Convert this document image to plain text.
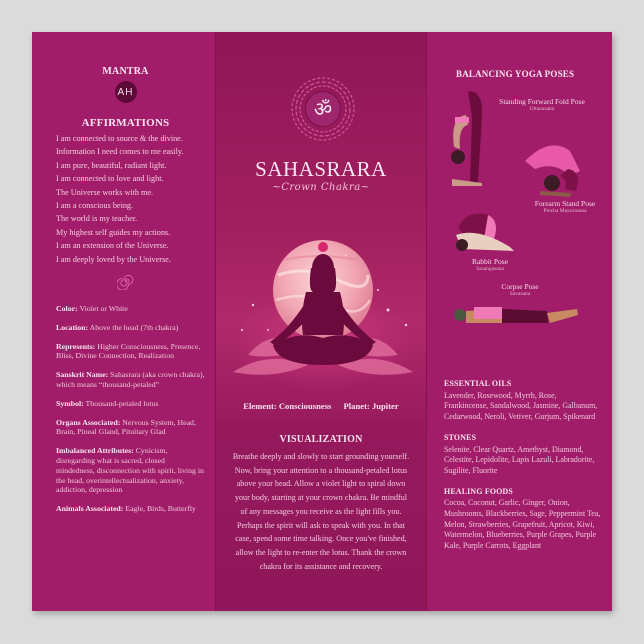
MANTRA
AH
AFFIRMATIONS
I am connected to source & the divine.
Information I need comes to me easily.
I am pure, beautiful, radiant light.
I am connected to love and light.
The Universe works with me.
I am a conscious being.
The world is my teacher.
My highest self guides my actions.
I am an extension of the Universe.
I am deeply loved by the Universe.
Color: Violet or White
Location: Above the head (7th chakra)
Represents: Higher Consciousness, Presence, Bliss, Divine Connection, Realization
Sanskrit Name: Sahasrara (aka crown chakra), which means “thousand-petaled”
Symbol: Thousand-petaled lotus
Organs Associated: Nervous System, Head, Brain, Pineal Gland, Pituitary Glad
Imbalanced Attributes: Cynicism, disregarding what is sacred, closed mindedness, disconnection with spirit, living in the head, overintellectualization, anxiety, addiction, depression
Animals Associated: Eagle, Birds, Butterfly
ॐ
SAHASRARA
~Crown Chakra~
Element: Consciousness Planet: Jupiter
VISUALIZATION
Breathe deeply and slowly to start grounding yourself. Now, bring your attention to a thousand-petaled lotus above your head. Allow a violet light to spiral down your body, starting at your crown chakra. Be mindful of any messages you receive as the light fills you. Perhaps the spirit will ask to speak with you. In that case, spend some time talking. Once you've finished, allow the light to re-enter the lotus. Thank the crown chakra for its assistance and recovery.
BALANCING YOGA POSES
Standing Forward Fold Pose
Uttanasana
Forearm Stand Pose
Pincha Mayurasana
Rabbit Pose
Sasangasana
Corpse Pose
Savasana
ESSENTIAL OILS
Lavender, Rosewood, Myrrh, Rose, Frankincense, Sandalwood, Jasmine, Galbanum, Cedarwood, Neroli, Vetiver, Gurjum, Spikenard
STONES
Selenite, Clear Quartz, Amethyst, Diamond, Celestite, Lepidolite, Lapis Lazuli, Labradorite, Sugilite, Fluorite
HEALING FOODS
Cocoa, Coconut, Garlic, Ginger, Onion, Mushrooms, Blackberries, Sage, Peppermint Tea, Melon, Strawberries, Grapefruit, Apricot, Kiwi, Watermelon, Blueberries, Purple Grapes, Purple Kale, Purple Carrots, Eggplant
